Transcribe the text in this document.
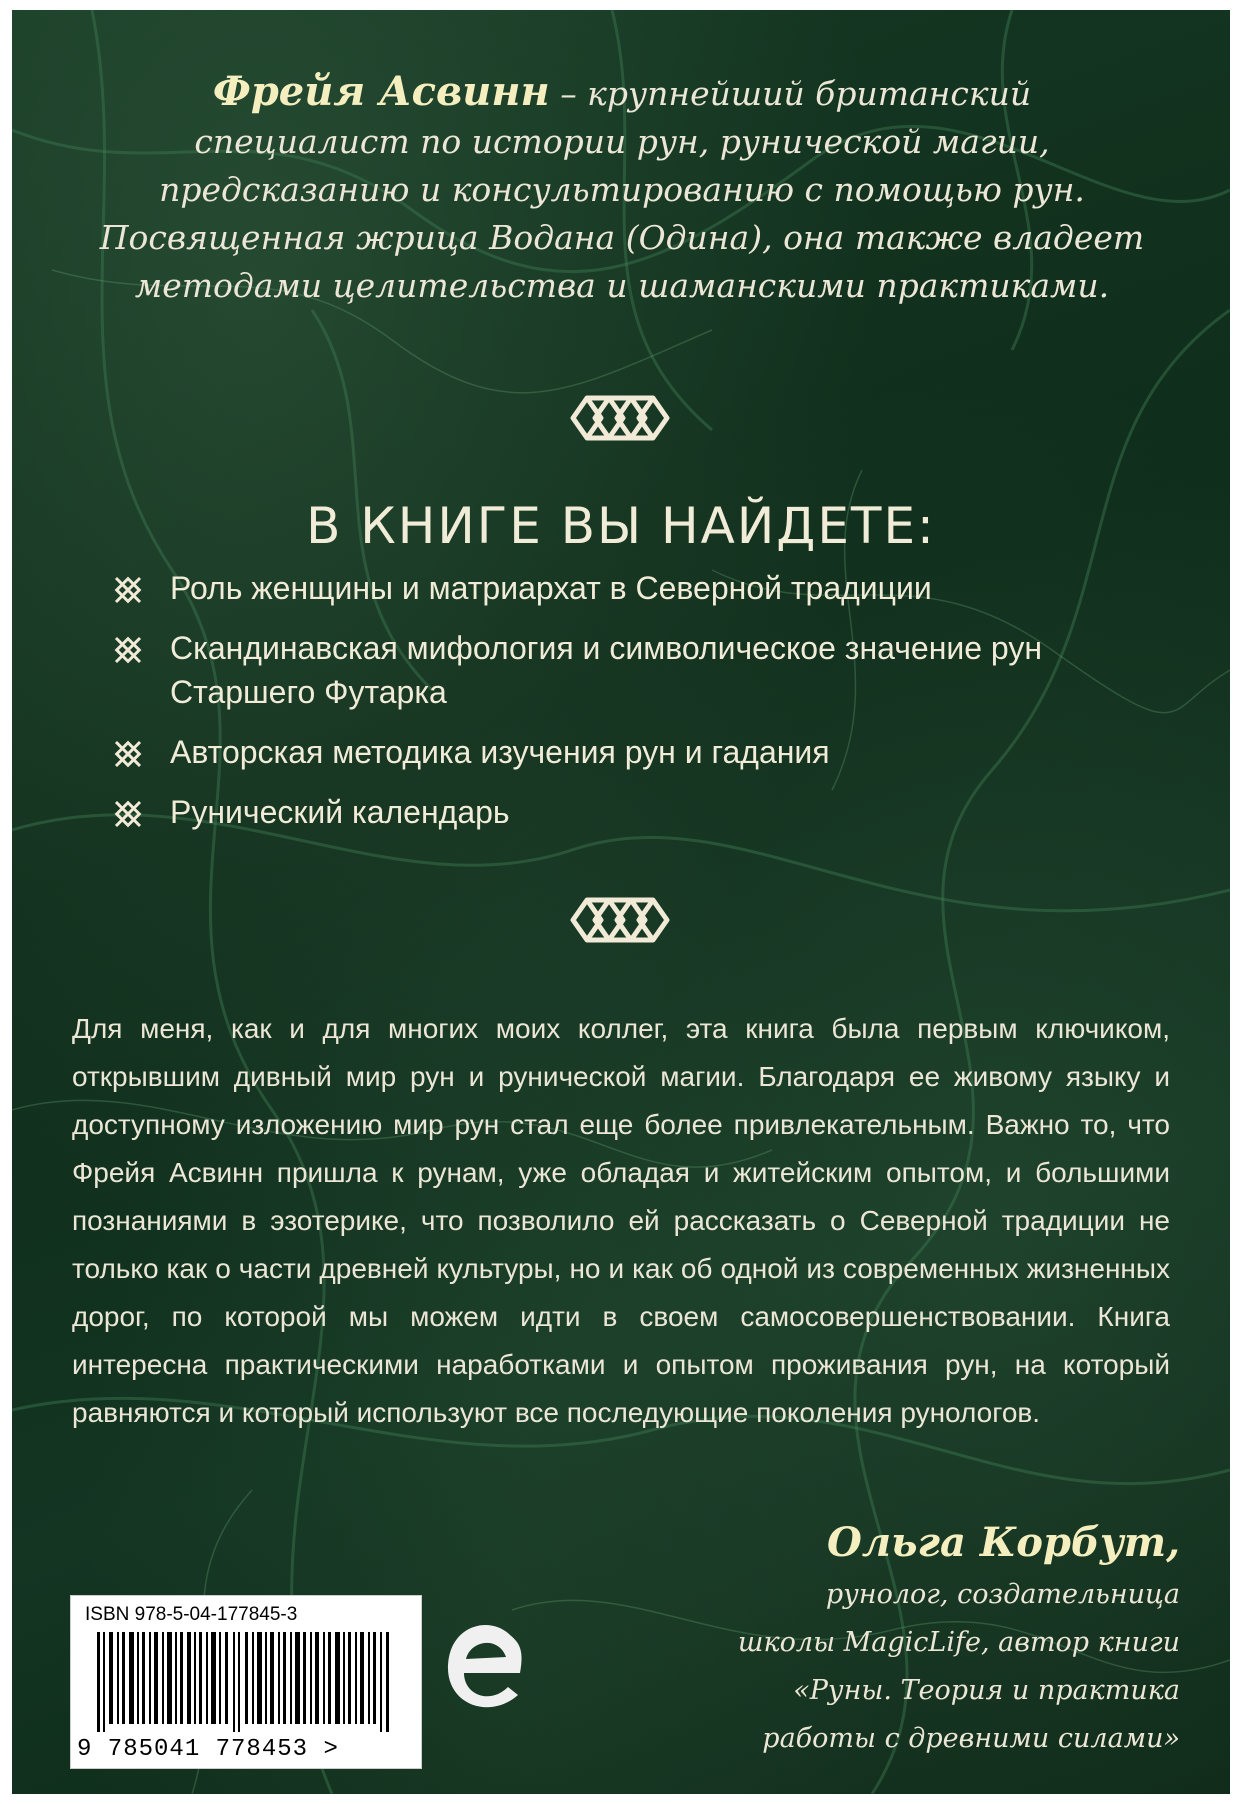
Фрейя Асвинн – крупнейший британский
специалист по истории рун, рунической магии,
предсказанию и консультированию с помощью рун.
Посвященная жрица Водана (Одина), она также владеет
методами целительства и шаманскими практиками.
В КНИГЕ ВЫ НАЙДЕТЕ:
Роль женщины и матриархат в Северной традиции
Скандинавская мифология и символическое значение рун Старшего Футарка
Авторская методика изучения рун и гадания
Рунический календарь
Для меня, как и для многих моих коллег, эта книга была первым ключиком, открывшим дивный мир рун и рунической магии. Благодаря ее живому языку и доступному изложению мир рун стал еще более привлекательным. Важно то, что Фрейя Асвинн пришла к рунам, уже обладая и житейским опытом, и большими познаниями в эзотерике, что позволило ей рассказать о Северной традиции не только как о части древней культуры, но и как об одной из современных жизненных дорог, по которой мы можем идти в своем самосовершенствовании. Книга интересна практическими наработками и опытом проживания рун, на который равняются и который используют все последующие поколения рунологов.
Ольга Корбут,
рунолог, создательница
школы MagicLife, автор книги
«Руны. Теория и практика
работы с древними силами»
ISBN 978-5-04-177845-3
9 785041 778453 >
